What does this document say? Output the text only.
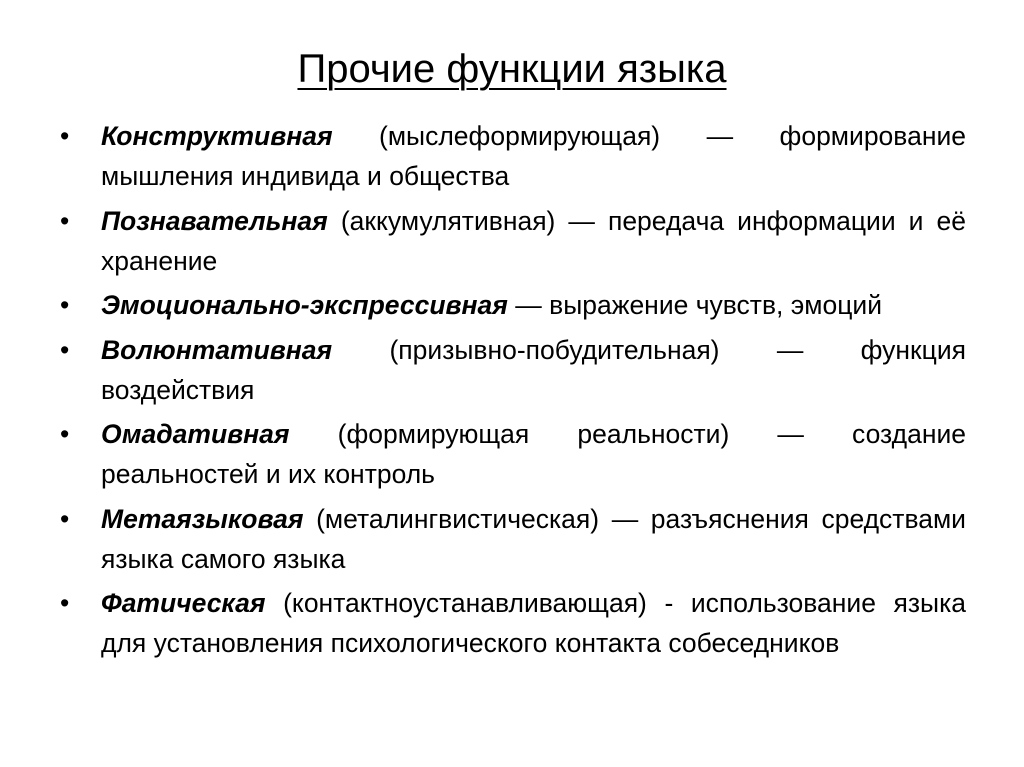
Прочие функции языка
•	Конструктивная (мыслеформирующая) — формирование мышления индивида и общества
•	Познавательная (аккумулятивная) — передача информации и её хранение
•	Эмоционально-экспрессивная — выражение чувств, эмоций
•	Волюнтативная (призывно-побудительная) — функция воздействия
•	Омадативная (формирующая реальности) — создание реальностей и их контроль
•	Метаязыковая (металингвистическая) — разъяснения средствами языка самого языка
•	Фатическая (контактноустанавливающая) - использование языка для установления психологического контакта собеседников
